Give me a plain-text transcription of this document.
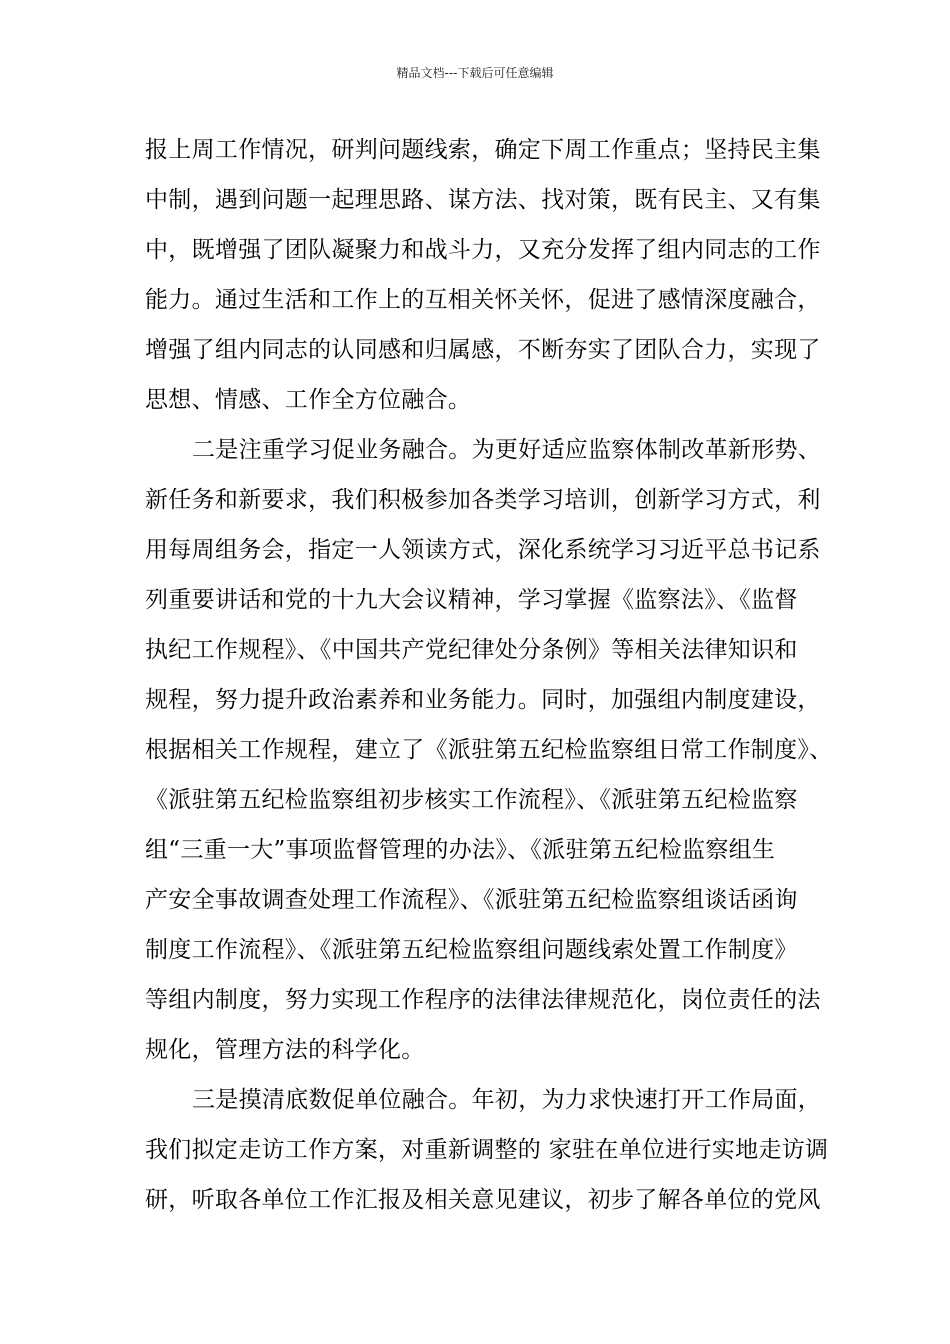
精品文档---下载后可任意编辑
报上周工作情况，研判问题线索，确定下周工作重点；坚持民主集
中制，遇到问题一起理思路、谋方法、找对策，既有民主、又有集
中，既增强了团队凝聚力和战斗力，又充分发挥了组内同志的工作
能力。通过生活和工作上的互相关怀关怀，促进了感情深度融合，
增强了组内同志的认同感和归属感，不断夯实了团队合力，实现了
思想、情感、工作全方位融合。
二是注重学习促业务融合。为更好适应监察体制改革新形势、
新任务和新要求，我们积极参加各类学习培训，创新学习方式，利
用每周组务会，指定一人领读方式，深化系统学习习近平总书记系
列重要讲话和党的十九大会议精神，学习掌握《监察法》、《监督
执纪工作规程》、《中国共产党纪律处分条例》等相关法律知识和
规程，努力提升政治素养和业务能力。同时，加强组内制度建设，
根据相关工作规程，建立了《派驻第五纪检监察组日常工作制度》、
《派驻第五纪检监察组初步核实工作流程》、《派驻第五纪检监察
组“三重一大”事项监督管理的办法》、《派驻第五纪检监察组生
产安全事故调查处理工作流程》、《派驻第五纪检监察组谈话函询
制度工作流程》、《派驻第五纪检监察组问题线索处置工作制度》
等组内制度，努力实现工作程序的法律法律规范化，岗位责任的法
规化，管理方法的科学化。
三是摸清底数促单位融合。年初，为力求快速打开工作局面，
我们拟定走访工作方案，对重新调整的 家驻在单位进行实地走访调
研，听取各单位工作汇报及相关意见建议，初步了解各单位的党风
